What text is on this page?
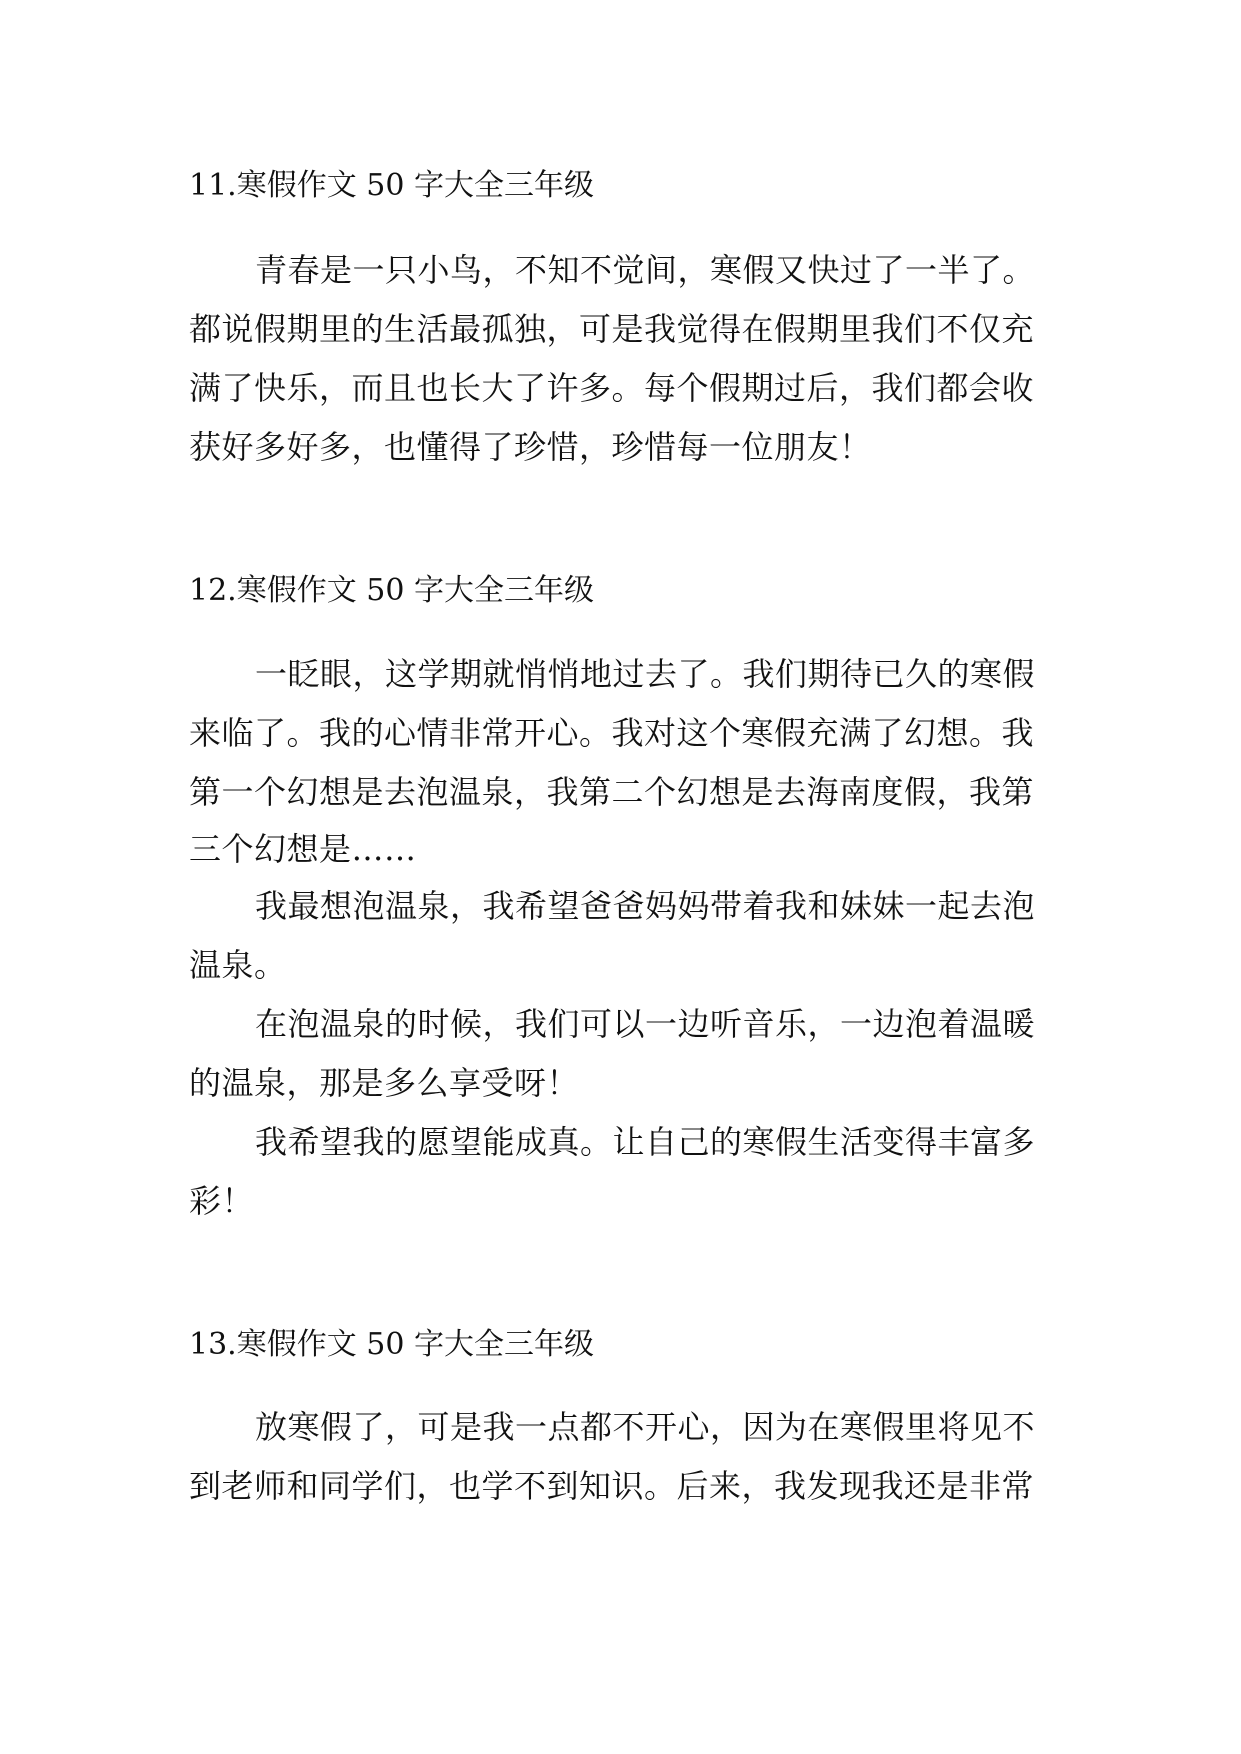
11.寒假作文 50 字大全三年级

青春是一只小鸟，不知不觉间，寒假又快过了一半了。

都说假期里的生活最孤独，可是我觉得在假期里我们不仅充

满了快乐，而且也长大了许多。每个假期过后，我们都会收

获好多好多，也懂得了珍惜，珍惜每一位朋友！

12.寒假作文 50 字大全三年级

一眨眼，这学期就悄悄地过去了。我们期待已久的寒假

来临了。我的心情非常开心。我对这个寒假充满了幻想。我

第一个幻想是去泡温泉，我第二个幻想是去海南度假，我第

三个幻想是……

我最想泡温泉，我希望爸爸妈妈带着我和妹妹一起去泡

温泉。

在泡温泉的时候，我们可以一边听音乐，一边泡着温暖

的温泉，那是多么享受呀！

我希望我的愿望能成真。让自己的寒假生活变得丰富多

彩！

13.寒假作文 50 字大全三年级

放寒假了，可是我一点都不开心，因为在寒假里将见不

到老师和同学们，也学不到知识。后来，我发现我还是非常
